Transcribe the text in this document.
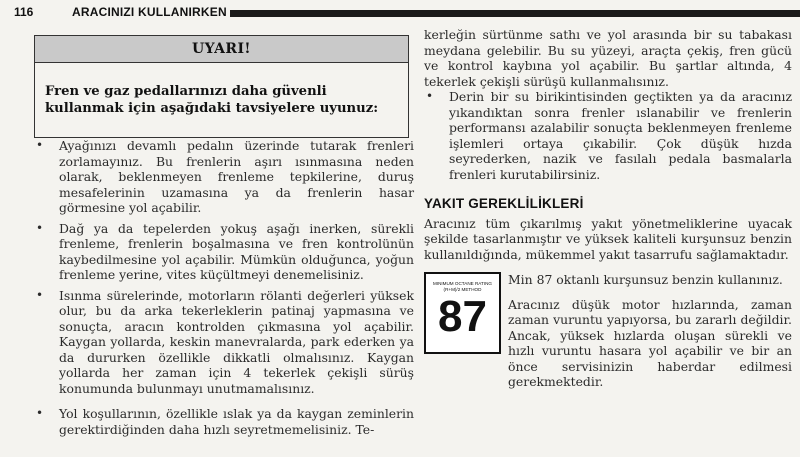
116	ARACINIZI KULLANIRKEN
UYARI!
Fren ve gaz pedallarınızı daha güvenli kullanmak için aşağıdaki tavsiyelere uyunuz:
• Ayağınızı devamlı pedalın üzerinde tutarak frenleri zorlamayınız. Bu frenlerin aşırı ısınmasına neden olarak, beklenmeyen frenleme tepkilerine, duruş mesafelerinin uzamasına ya da frenlerin hasar görmesine yol açabilir.
• Dağ ya da tepelerden yokuş aşağı inerken, sürekli frenleme, frenlerin boşalmasına ve fren kontrolünün kaybedilmesine yol açabilir. Mümkün olduğunca, yoğun frenleme yerine, vites küçültmeyi denemelisiniz.
• Isınma sürelerinde, motorların rölanti değerleri yüksek olur, bu da arka tekerleklerin patinaj yapmasına ve sonuçta, aracın kontrolden çıkmasına yol açabilir. Kaygan yollarda, keskin manevralarda, park ederken ya da dururken özellikle dikkatli olmalısınız. Kaygan yollarda her zaman için 4 tekerlek çekişli sürüş konumunda bulunmayı unutmamalısınız.
• Yol koşullarının, özellikle ıslak ya da kaygan zeminlerin gerektirdiğinden daha hızlı seyretmemelisiniz. Te-
kerleğin sürtünme sathı ve yol arasında bir su tabakası meydana gelebilir. Bu su yüzeyi, araçta çekiş, fren gücü ve kontrol kaybına yol açabilir. Bu şartlar altında, 4 tekerlek çekişli sürüşü kullanmalısınız.
• Derin bir su birikintisinden geçtikten ya da aracınız yıkandıktan sonra frenler ıslanabilir ve frenlerin performansı azalabilir sonuçta beklenmeyen frenleme işlemleri ortaya çıkabilir. Çok düşük hızda seyrederken, nazik ve fasılalı pedala basmalarla frenleri kurutabilirsiniz.
YAKIT GEREKLİLİKLERİ
Aracınız tüm çıkarılmış yakıt yönetmeliklerine uyacak şekilde tasarlanmıştır ve yüksek kaliteli kurşunsuz benzin kullanıldığında, mükemmel yakıt tasarrufu sağlamaktadır.
MINIMUM OCTANE RATING
(R+M)/2 METHOD
87

Min 87 oktanlı kurşunsuz benzin kullanınız.

Aracınız düşük motor hızlarında, zaman zaman vuruntu yapıyorsa, bu zararlı değildir. Ancak, yüksek hızlarda oluşan sürekli ve hızlı vuruntu hasara yol açabilir ve bir an önce servisinizin haberdar edilmesi gerekmektedir.
